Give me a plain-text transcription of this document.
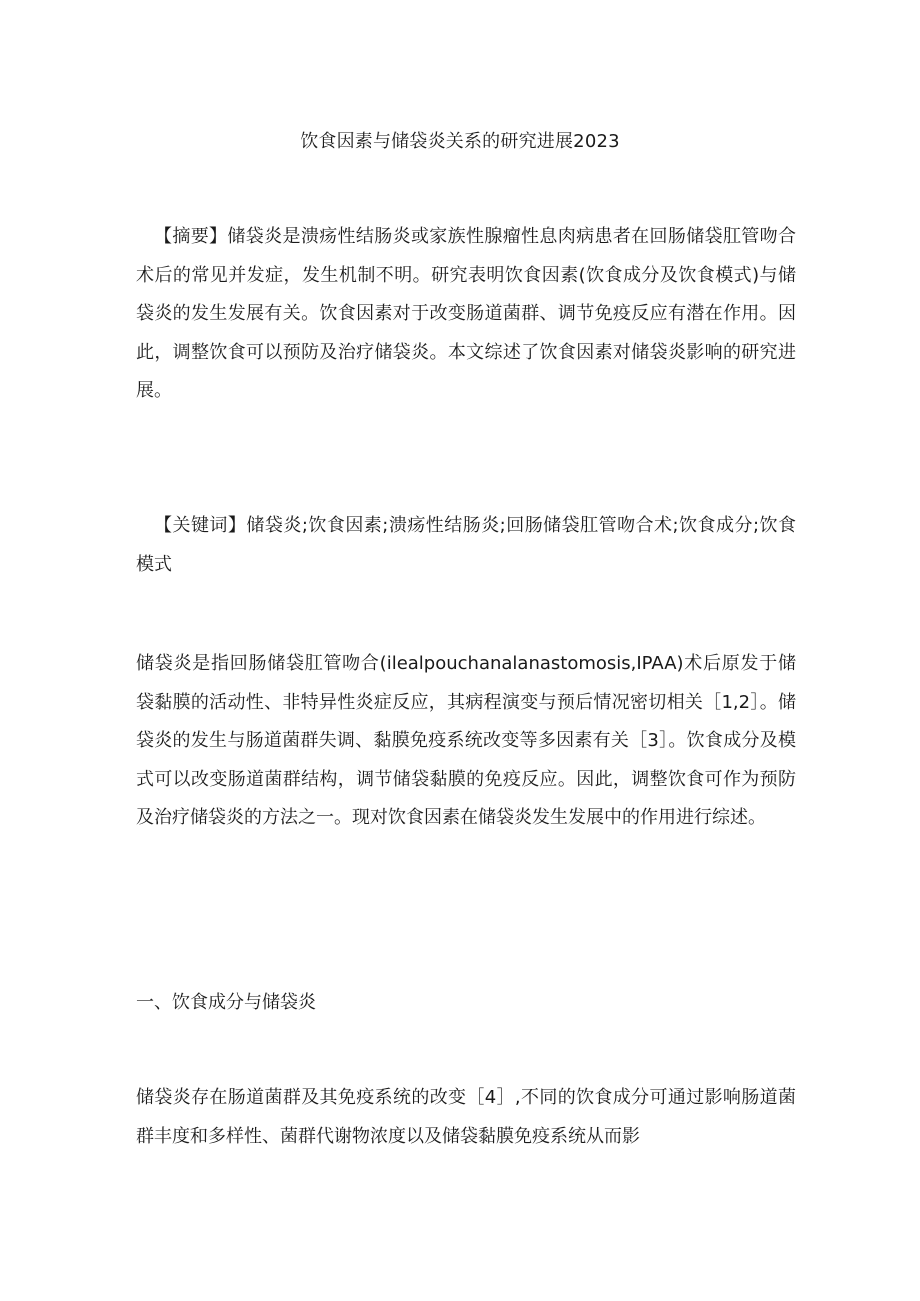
饮食因素与储袋炎关系的研究进展2023
【摘要】储袋炎是溃疡性结肠炎或家族性腺瘤性息肉病患者在回肠储袋肛管吻合术后的常见并发症，发生机制不明。研究表明饮食因素(饮食成分及饮食模式)与储袋炎的发生发展有关。饮食因素对于改变肠道菌群、调节免疫反应有潜在作用。因此，调整饮食可以预防及治疗储袋炎。本文综述了饮食因素对储袋炎影响的研究进展。
【关键词】储袋炎;饮食因素;溃疡性结肠炎;回肠储袋肛管吻合术;饮食成分;饮食模式
储袋炎是指回肠储袋肛管吻合(ilealpouchanalanastomosis,IPAA)术后原发于储袋黏膜的活动性、非特异性炎症反应，其病程演变与预后情况密切相关［1,2］。储袋炎的发生与肠道菌群失调、黏膜免疫系统改变等多因素有关［3］。饮食成分及模式可以改变肠道菌群结构，调节储袋黏膜的免疫反应。因此，调整饮食可作为预防及治疗储袋炎的方法之一。现对饮食因素在储袋炎发生发展中的作用进行综述。
一、饮食成分与储袋炎
储袋炎存在肠道菌群及其免疫系统的改变［4］,不同的饮食成分可通过影响肠道菌群丰度和多样性、菌群代谢物浓度以及储袋黏膜免疫系统从而影
